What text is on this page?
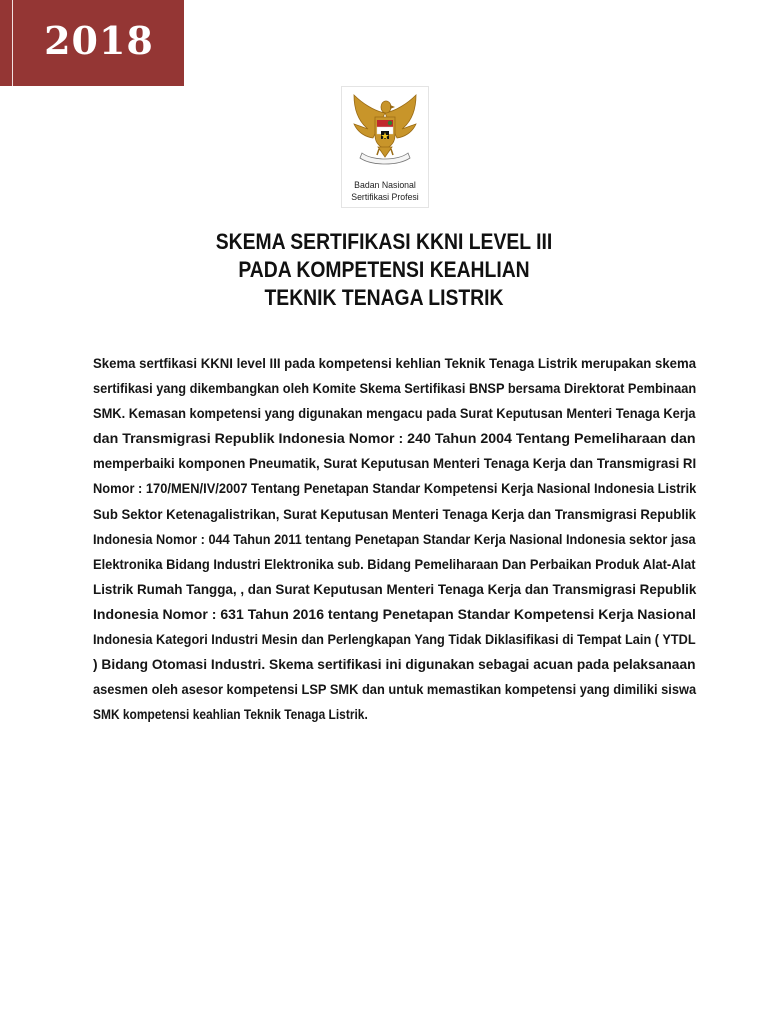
2018
Badan Nasional
Sertifikasi Profesi
SKEMA SERTIFIKASI KKNI LEVEL III
PADA KOMPETENSI KEAHLIAN
TEKNIK TENAGA LISTRIK
Skema sertfikasi KKNI level III pada kompetensi kehlian Teknik Tenaga Listrik merupakan skema
sertifikasi yang dikembangkan oleh Komite Skema Sertifikasi BNSP bersama Direktorat Pembinaan
SMK. Kemasan kompetensi yang digunakan mengacu pada Surat Keputusan Menteri Tenaga Kerja
dan Transmigrasi Republik Indonesia Nomor : 240 Tahun 2004 Tentang Pemeliharaan dan
memperbaiki komponen Pneumatik, Surat Keputusan Menteri Tenaga Kerja dan Transmigrasi RI
Nomor : 170/MEN/IV/2007 Tentang Penetapan Standar Kompetensi Kerja Nasional Indonesia Listrik
Sub Sektor Ketenagalistrikan, Surat Keputusan Menteri Tenaga Kerja dan Transmigrasi Republik
Indonesia Nomor : 044 Tahun 2011 tentang Penetapan Standar Kerja Nasional Indonesia sektor jasa
Elektronika Bidang Industri Elektronika sub. Bidang Pemeliharaan Dan Perbaikan Produk Alat-Alat
Listrik Rumah Tangga, , dan Surat Keputusan Menteri Tenaga Kerja dan Transmigrasi Republik
Indonesia Nomor : 631 Tahun 2016 tentang Penetapan Standar Kompetensi Kerja Nasional
Indonesia Kategori Industri Mesin dan Perlengkapan Yang Tidak Diklasifikasi di Tempat Lain ( YTDL
) Bidang Otomasi Industri. Skema sertifikasi ini digunakan sebagai acuan pada pelaksanaan
asesmen oleh asesor kompetensi LSP SMK dan untuk memastikan kompetensi yang dimiliki siswa
SMK kompetensi keahlian Teknik Tenaga Listrik.
